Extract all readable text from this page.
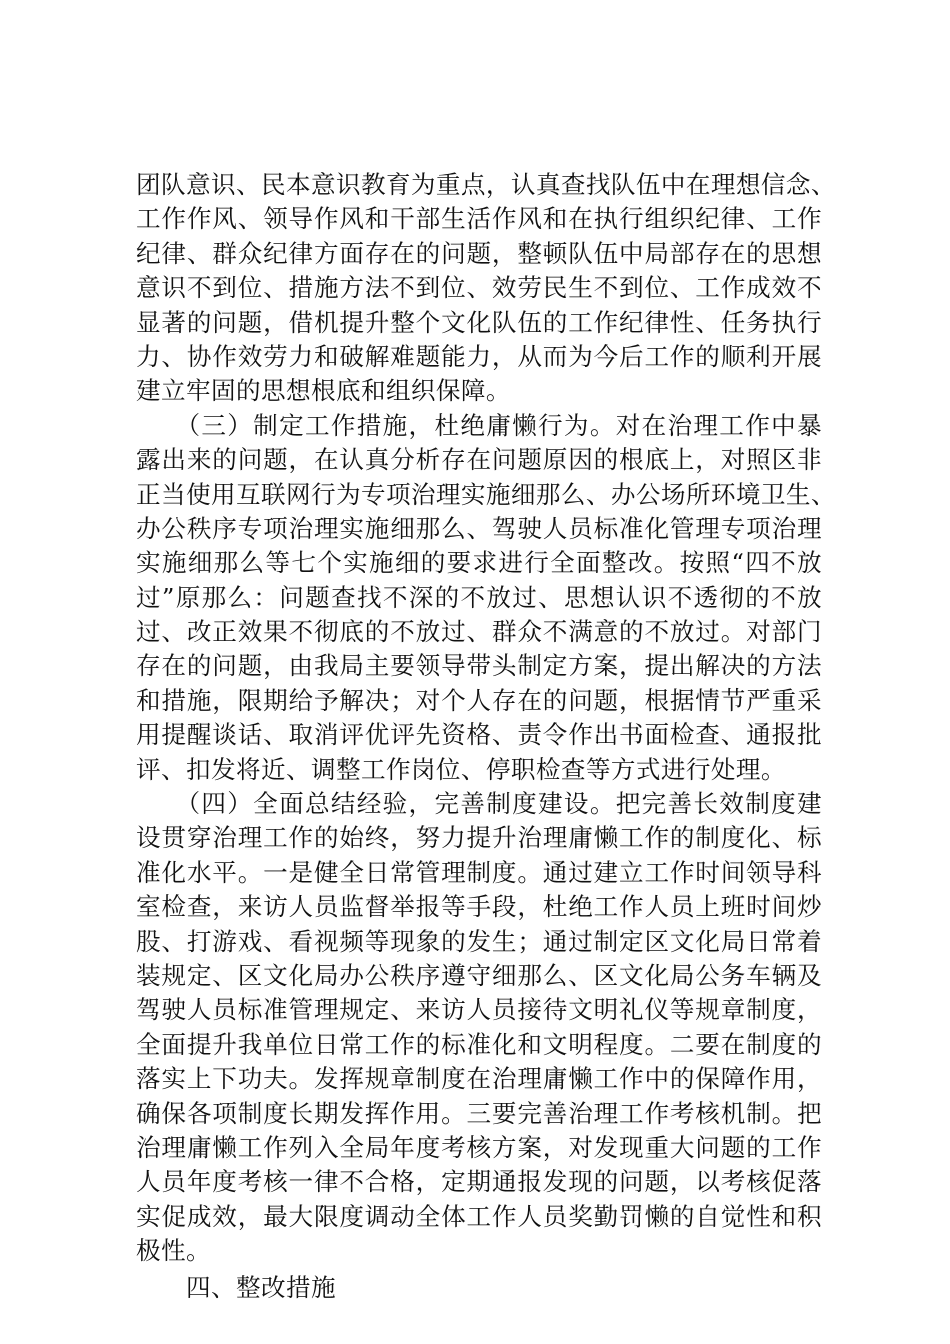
团队意识、民本意识教育为重点，认真查找队伍中在理想信念、
工作作风、领导作风和干部生活作风和在执行组织纪律、工作
纪律、群众纪律方面存在的问题，整顿队伍中局部存在的思想
意识不到位、措施方法不到位、效劳民生不到位、工作成效不
显著的问题，借机提升整个文化队伍的工作纪律性、任务执行
力、协作效劳力和破解难题能力，从而为今后工作的顺利开展
建立牢固的思想根底和组织保障。
　　（三）制定工作措施，杜绝庸懒行为。对在治理工作中暴
露出来的问题，在认真分析存在问题原因的根底上，对照区非
正当使用互联网行为专项治理实施细那么、办公场所环境卫生、
办公秩序专项治理实施细那么、驾驶人员标准化管理专项治理
实施细那么等七个实施细的要求进行全面整改。按照“四不放
过”原那么：问题查找不深的不放过、思想认识不透彻的不放
过、改正效果不彻底的不放过、群众不满意的不放过。对部门
存在的问题，由我局主要领导带头制定方案，提出解决的方法
和措施，限期给予解决；对个人存在的问题，根据情节严重采
用提醒谈话、取消评优评先资格、责令作出书面检查、通报批
评、扣发将近、调整工作岗位、停职检查等方式进行处理。
　　（四）全面总结经验，完善制度建设。把完善长效制度建
设贯穿治理工作的始终，努力提升治理庸懒工作的制度化、标
准化水平。一是健全日常管理制度。通过建立工作时间领导科
室检查，来访人员监督举报等手段，杜绝工作人员上班时间炒
股、打游戏、看视频等现象的发生；通过制定区文化局日常着
装规定、区文化局办公秩序遵守细那么、区文化局公务车辆及
驾驶人员标准管理规定、来访人员接待文明礼仪等规章制度，
全面提升我单位日常工作的标准化和文明程度。二要在制度的
落实上下功夫。发挥规章制度在治理庸懒工作中的保障作用，
确保各项制度长期发挥作用。三要完善治理工作考核机制。把
治理庸懒工作列入全局年度考核方案，对发现重大问题的工作
人员年度考核一律不合格，定期通报发现的问题，以考核促落
实促成效，最大限度调动全体工作人员奖勤罚懒的自觉性和积
极性。
四、整改措施
